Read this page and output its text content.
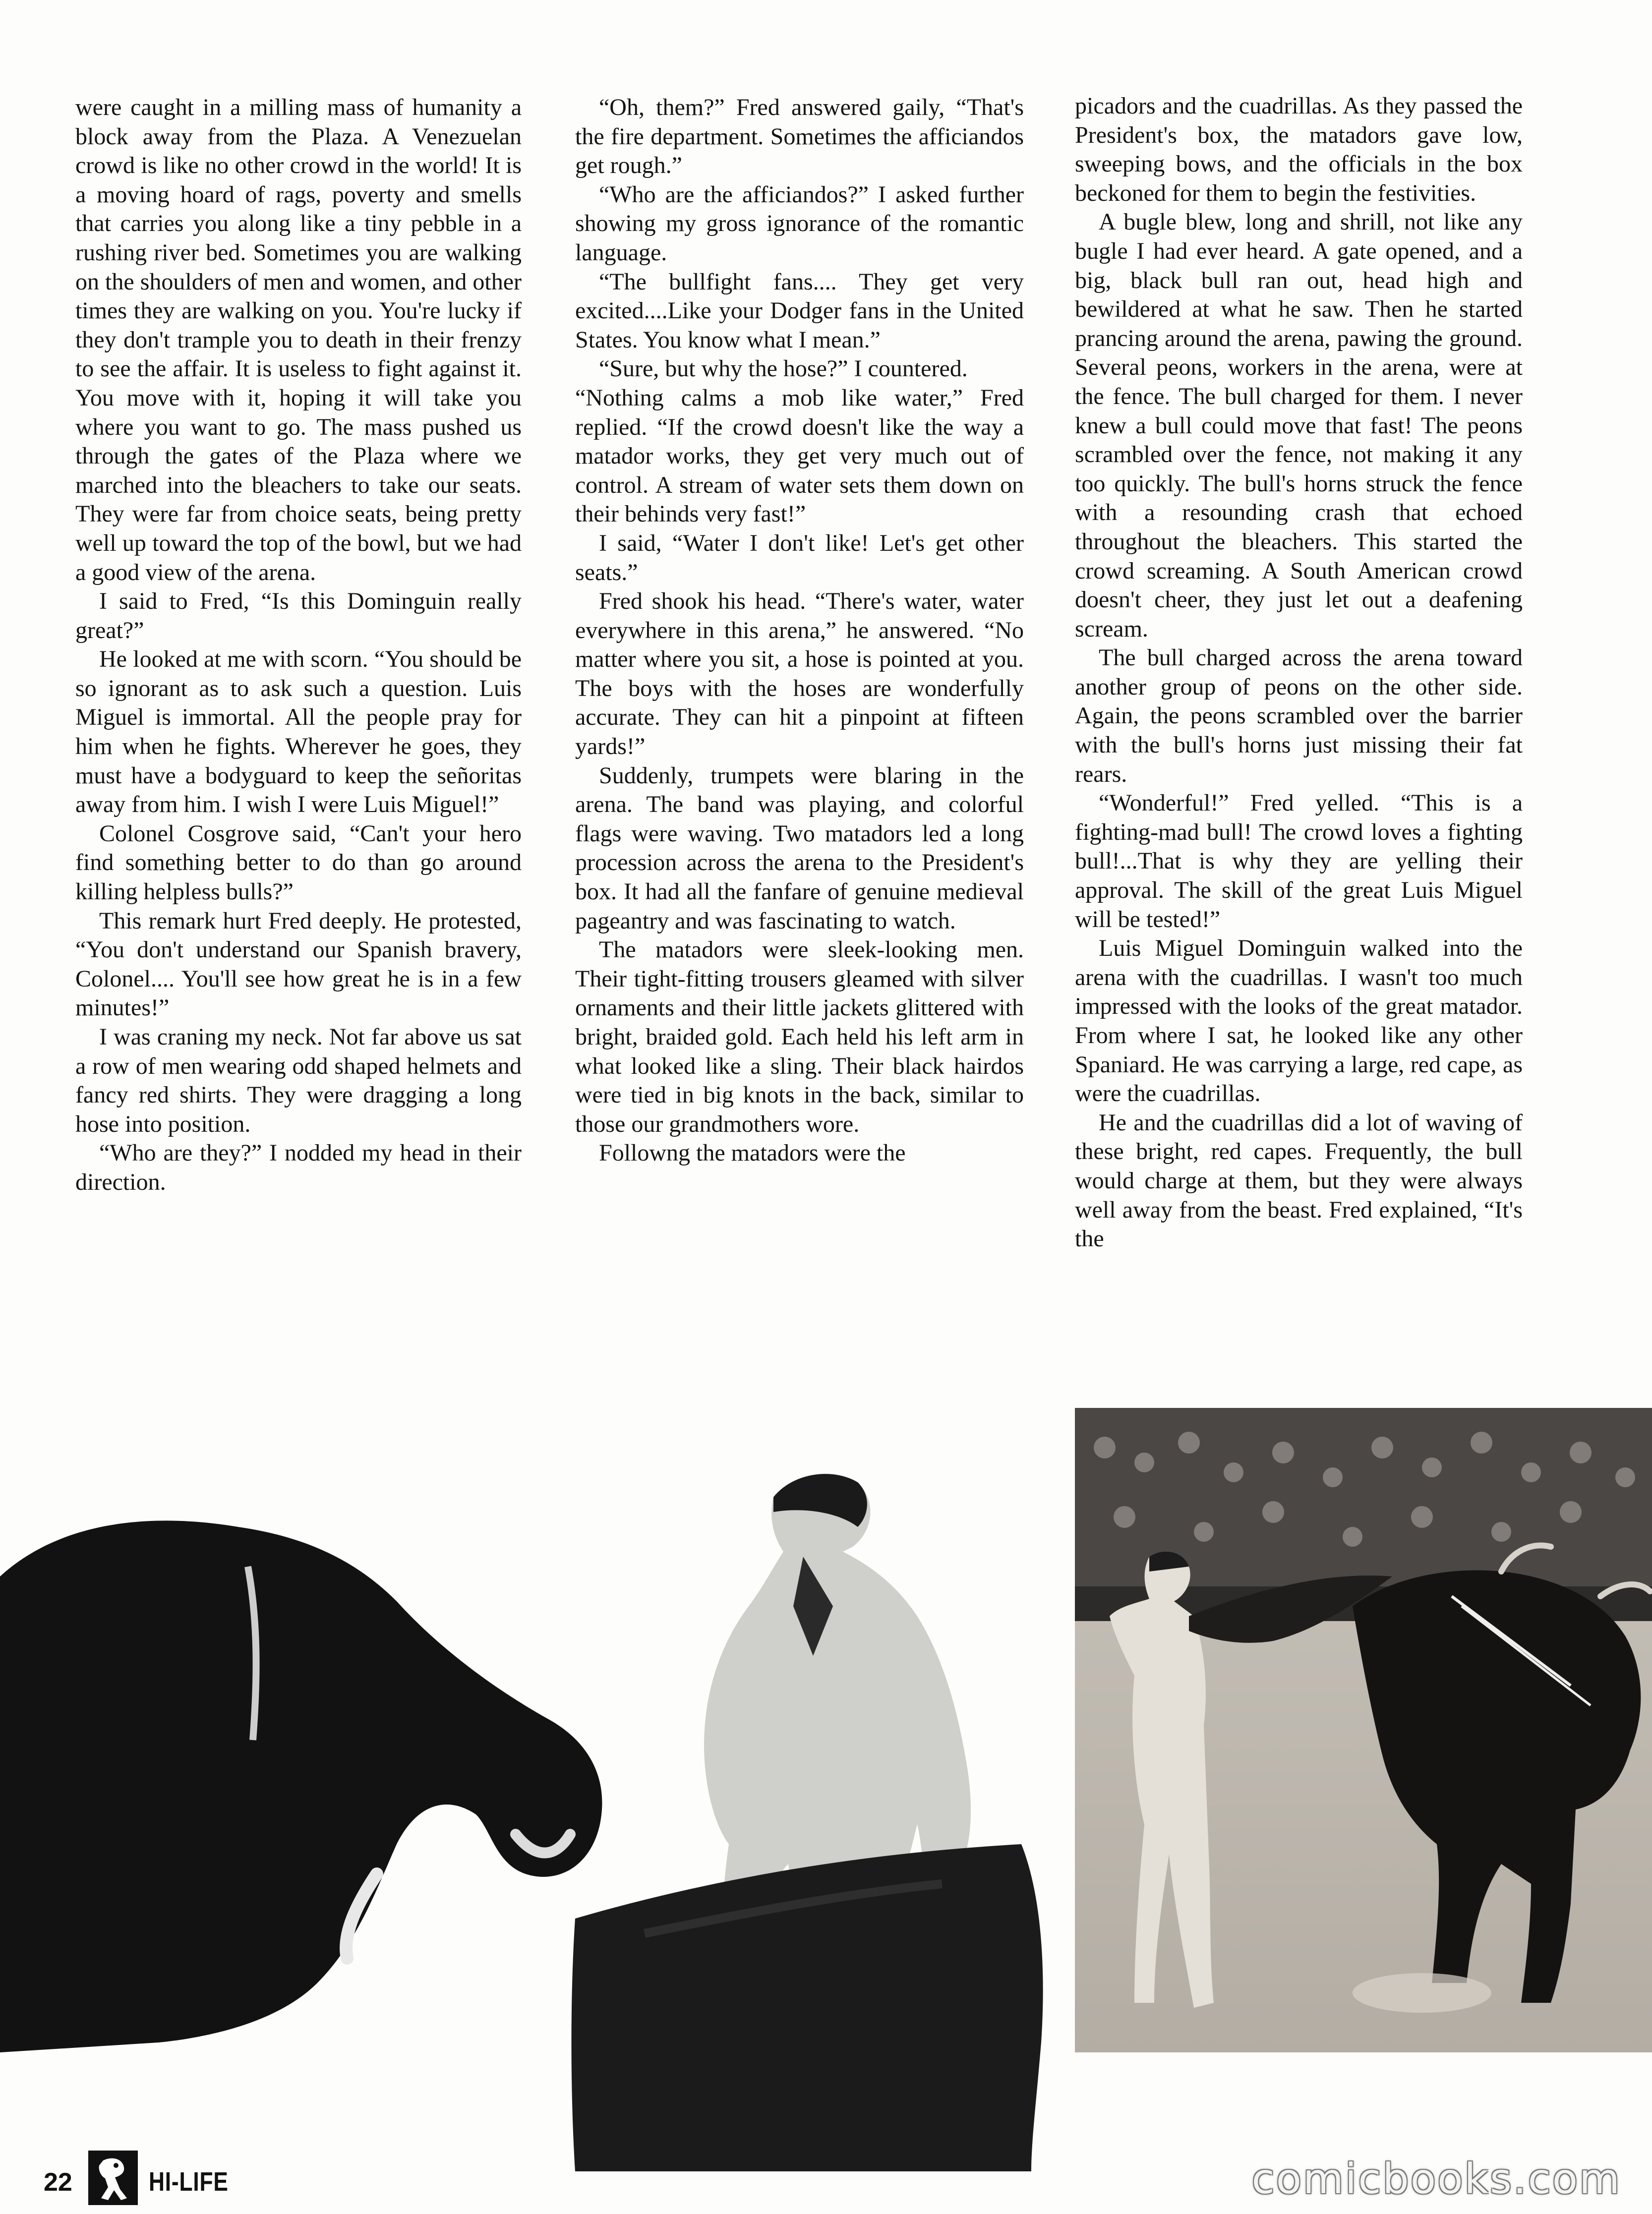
were caught in a milling mass of humanity a block away from the Plaza. A Venezuelan crowd is like no other crowd in the world! It is a moving hoard of rags, poverty and smells that carries you along like a tiny pebble in a rushing river bed. Sometimes you are walking on the shoulders of men and women, and other times they are walking on you. You're lucky if they don't trample you to death in their frenzy to see the affair. It is useless to fight against it. You move with it, hoping it will take you where you want to go. The mass pushed us through the gates of the Plaza where we marched into the bleachers to take our seats. They were far from choice seats, being pretty well up toward the top of the bowl, but we had a good view of the arena.

I said to Fred, “Is this Dominguin really great?”

He looked at me with scorn. “You should be so ignorant as to ask such a question. Luis Miguel is immortal. All the people pray for him when he fights. Wherever he goes, they must have a bodyguard to keep the señoritas away from him. I wish I were Luis Miguel!”

Colonel Cosgrove said, “Can't your hero find something better to do than go around killing helpless bulls?”

This remark hurt Fred deeply. He protested, “You don't understand our Spanish bravery, Colonel.... You'll see how great he is in a few minutes!”

I was craning my neck. Not far above us sat a row of men wearing odd shaped helmets and fancy red shirts. They were dragging a long hose into position.

“Who are they?” I nodded my head in their direction.

“Oh, them?” Fred answered gaily, “That's the fire department. Sometimes the afficiandos get rough.”

“Who are the afficiandos?” I asked further showing my gross ignorance of the romantic language.

“The bullfight fans.... They get very excited....Like your Dodger fans in the United States. You know what I mean.”

“Sure, but why the hose?” I countered.

“Nothing calms a mob like water,” Fred replied. “If the crowd doesn't like the way a matador works, they get very much out of control. A stream of water sets them down on their behinds very fast!”

I said, “Water I don't like! Let's get other seats.”

Fred shook his head. “There's water, water everywhere in this arena,” he answered. “No matter where you sit, a hose is pointed at you. The boys with the hoses are wonderfully accurate. They can hit a pinpoint at fifteen yards!”

Suddenly, trumpets were blaring in the arena. The band was playing, and colorful flags were waving. Two matadors led a long procession across the arena to the President's box. It had all the fanfare of genuine medieval pageantry and was fascinating to watch.

The matadors were sleek-looking men. Their tight-fitting trousers gleamed with silver ornaments and their little jackets glittered with bright, braided gold. Each held his left arm in what looked like a sling. Their black hairdos were tied in big knots in the back, similar to those our grandmothers wore.

Followng the matadors were the

picadors and the cuadrillas. As they passed the President's box, the matadors gave low, sweeping bows, and the officials in the box beckoned for them to begin the festivities.

A bugle blew, long and shrill, not like any bugle I had ever heard. A gate opened, and a big, black bull ran out, head high and bewildered at what he saw. Then he started prancing around the arena, pawing the ground. Several peons, workers in the arena, were at the fence. The bull charged for them. I never knew a bull could move that fast! The peons scrambled over the fence, not making it any too quickly. The bull's horns struck the fence with a resounding crash that echoed throughout the bleachers. This started the crowd screaming. A South American crowd doesn't cheer, they just let out a deafening scream.

The bull charged across the arena toward another group of peons on the other side. Again, the peons scrambled over the barrier with the bull's horns just missing their fat rears.

“Wonderful!” Fred yelled. “This is a fighting-mad bull! The crowd loves a fighting bull!...That is why they are yelling their approval. The skill of the great Luis Miguel will be tested!”

Luis Miguel Dominguin walked into the arena with the cuadrillas. I wasn't too much impressed with the looks of the great matador. From where I sat, he looked like any other Spaniard. He was carrying a large, red cape, as were the cuadrillas.

He and the cuadrillas did a lot of waving of these bright, red capes. Frequently, the bull would charge at them, but they were always well away from the beast. Fred explained, “It's the

22	HI-LIFE	comicbooks.com
